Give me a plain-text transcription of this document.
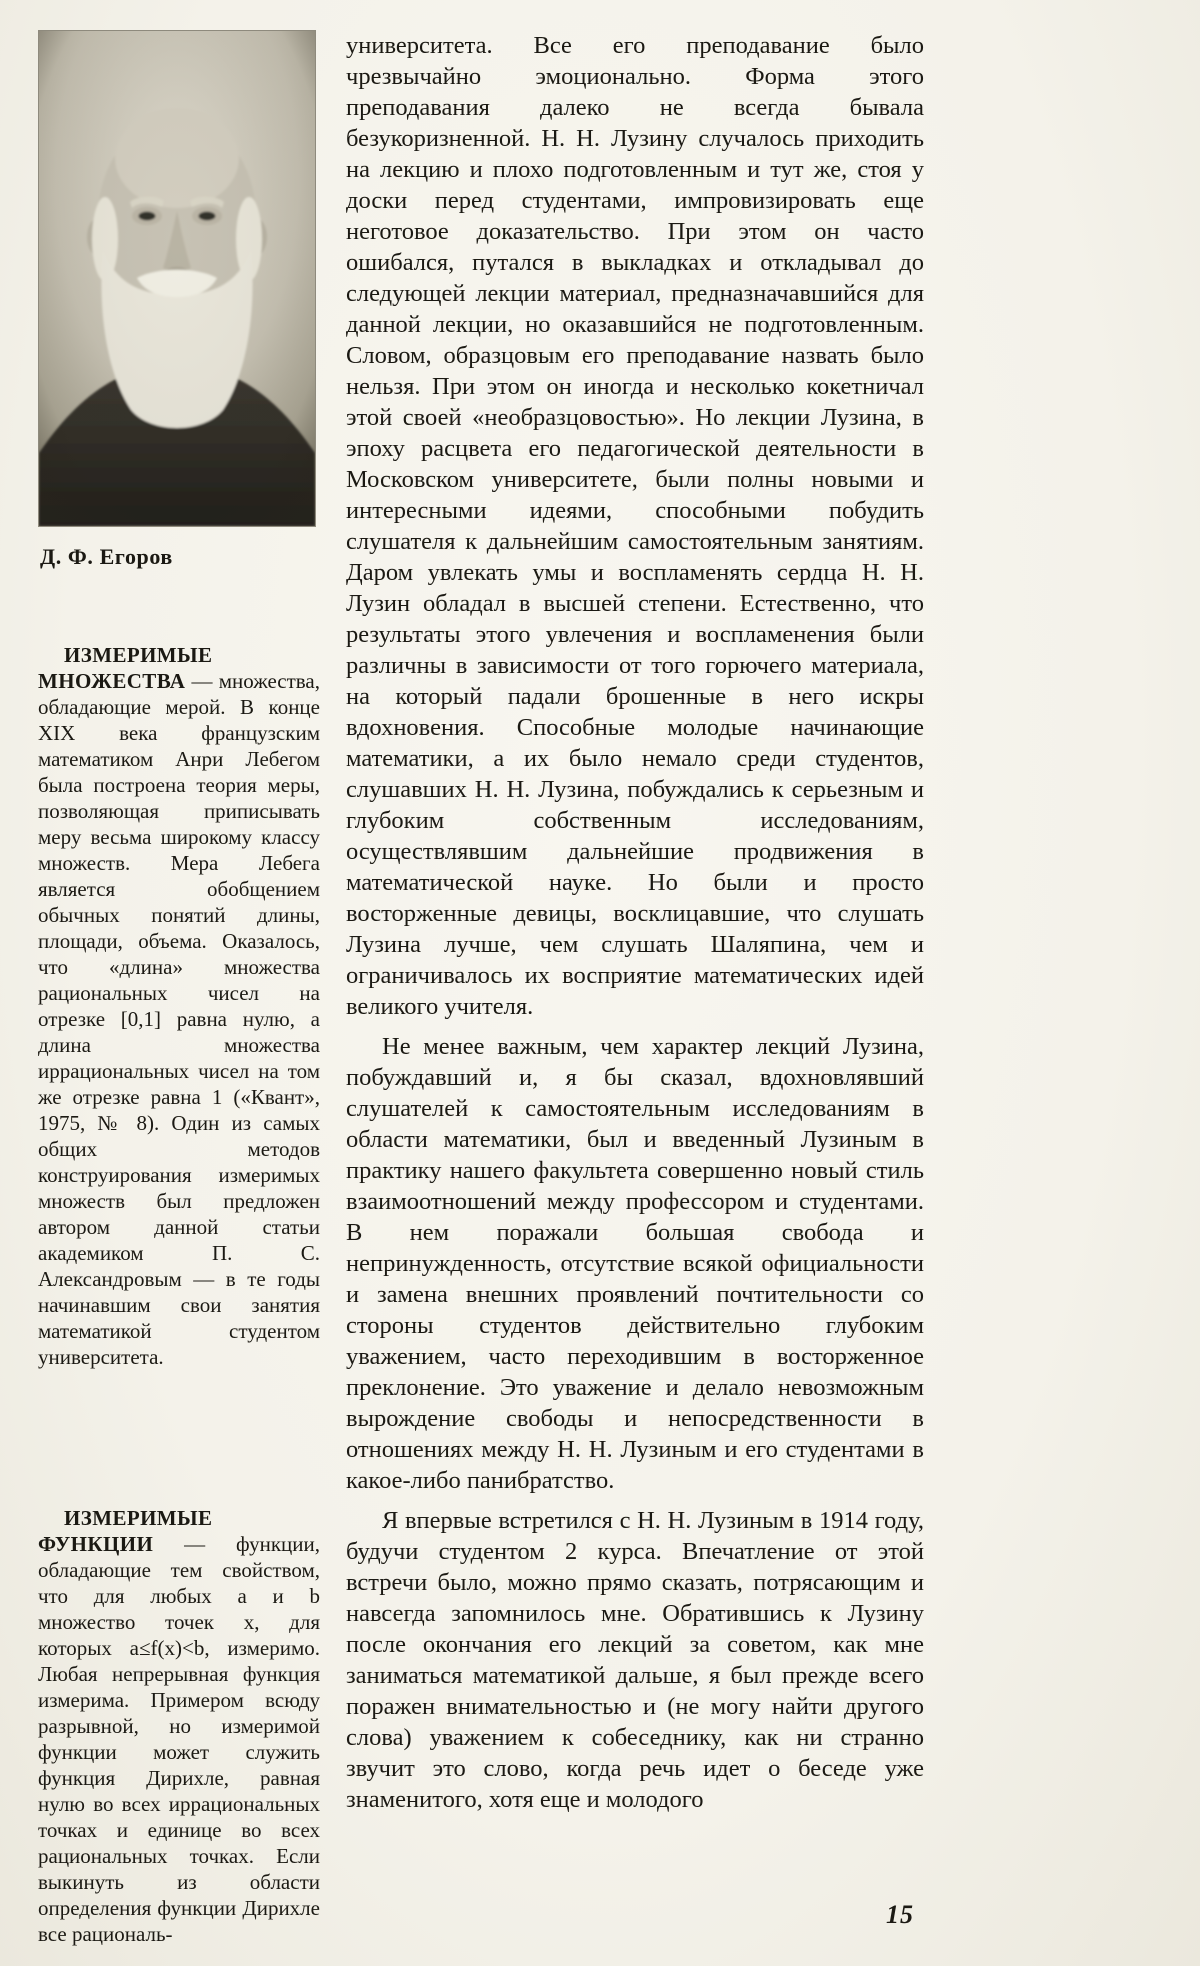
Д. Ф. Егоров

ИЗМЕРИМЫЕ МНОЖЕСТВА — множества, обладающие мерой. В конце XIX века французским математиком Анри Лебегом была построена теория меры, позволяющая приписывать меру весьма широкому классу множеств. Мера Лебега является обобщением обычных понятий длины, площади, объема. Оказалось, что «длина» множества рациональных чисел на отрезке [0,1] равна нулю, а длина множества иррациональных чисел на том же отрезке равна 1 («Квант», 1975, № 8). Один из самых общих методов конструирования измеримых множеств был предложен автором данной статьи академиком П. С. Александровым — в те годы начинавшим свои занятия математикой студентом университета.

ИЗМЕРИМЫЕ ФУНКЦИИ — функции, обладающие тем свойством, что для любых a и b множество точек x, для которых a≤f(x)<b, измеримо. Любая непрерывная функция измерима. Примером всюду разрывной, но измеримой функции может служить функция Дирихле, равная нулю во всех иррациональных точках и единице во всех рациональных точках. Если выкинуть из области определения функции Дирихле все рациональ-

университета. Все его преподавание было чрезвычайно эмоционально. Форма этого преподавания далеко не всегда бывала безукоризненной. Н. Н. Лузину случалось приходить на лекцию и плохо подготовленным и тут же, стоя у доски перед студентами, импровизировать еще неготовое доказательство. При этом он часто ошибался, путался в выкладках и откладывал до следующей лекции материал, предназначавшийся для данной лекции, но оказавшийся не подготовленным. Словом, образцовым его преподавание назвать было нельзя. При этом он иногда и несколько кокетничал этой своей «необразцовостью». Но лекции Лузина, в эпоху расцвета его педагогической деятельности в Московском университете, были полны новыми и интересными идеями, способными побудить слушателя к дальнейшим самостоятельным занятиям. Даром увлекать умы и воспламенять сердца Н. Н. Лузин обладал в высшей степени. Естественно, что результаты этого увлечения и воспламенения были различны в зависимости от того горючего материала, на который падали брошенные в него искры вдохновения. Способные молодые начинающие математики, а их было немало среди студентов, слушавших Н. Н. Лузина, побуждались к серьезным и глубоким собственным исследованиям, осуществлявшим дальнейшие продвижения в математической науке. Но были и просто восторженные девицы, восклицавшие, что слушать Лузина лучше, чем слушать Шаляпина, чем и ограничивалось их восприятие математических идей великого учителя.

Не менее важным, чем характер лекций Лузина, побуждавший и, я бы сказал, вдохновлявший слушателей к самостоятельным исследованиям в области математики, был и введенный Лузиным в практику нашего факультета совершенно новый стиль взаимоотношений между профессором и студентами. В нем поражали большая свобода и непринужденность, отсутствие всякой официальности и замена внешних проявлений почтительности со стороны студентов действительно глубоким уважением, часто переходившим в восторженное преклонение. Это уважение и делало невозможным вырождение свободы и непосредственности в отношениях между Н. Н. Лузиным и его студентами в какое-либо панибратство.

Я впервые встретился с Н. Н. Лузиным в 1914 году, будучи студентом 2 курса. Впечатление от этой встречи было, можно прямо сказать, потрясающим и навсегда запомнилось мне. Обратившись к Лузину после окончания его лекций за советом, как мне заниматься математикой дальше, я был прежде всего поражен внимательностью и (не могу найти другого слова) уважением к собеседнику, как ни странно звучит это слово, когда речь идет о беседе уже знаменитого, хотя еще и молодого

15
